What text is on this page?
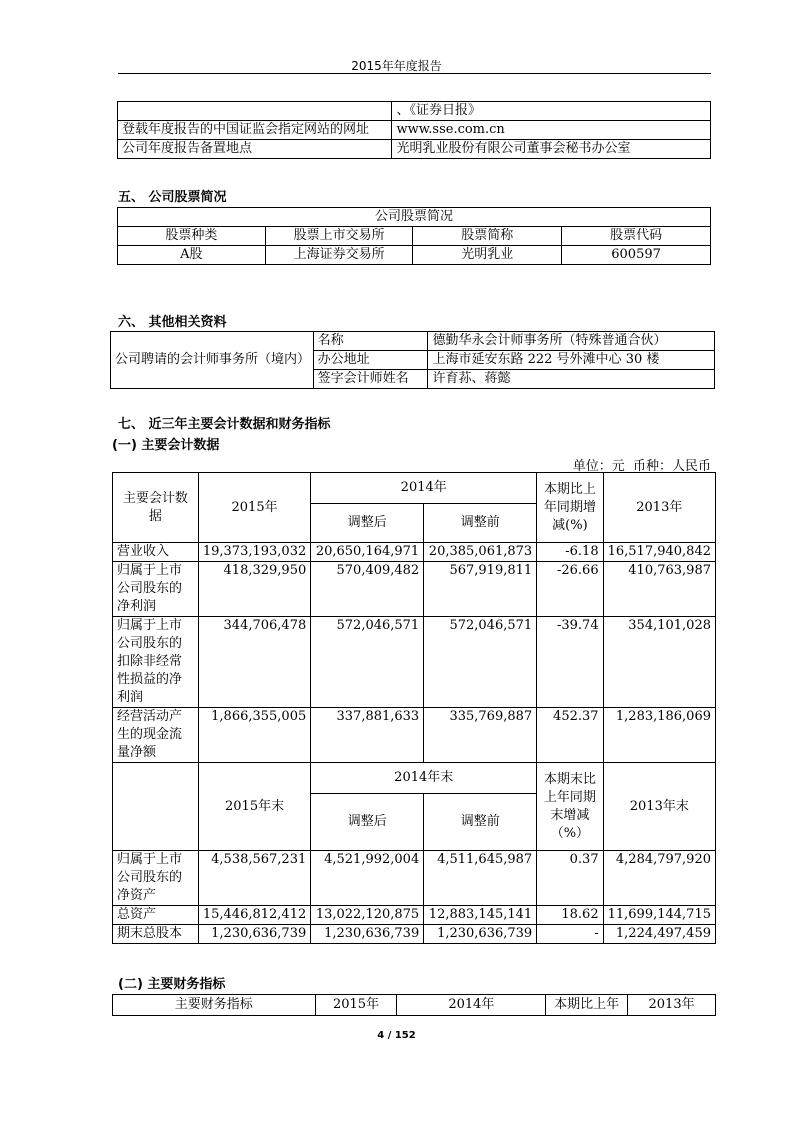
2015年年度报告
	、《证券日报》
登载年度报告的中国证监会指定网站的网址	www.sse.com.cn
公司年度报告备置地点	光明乳业股份有限公司董事会秘书办公室
五、 公司股票简况
公司股票简况			
股票种类	股票上市交易所	股票简称	股票代码
A股	上海证券交易所	光明乳业	600597
六、 其他相关资料
公司聘请的会计师事务所（境内）	名称	德勤华永会计师事务所（特殊普通合伙）
	办公地址	上海市延安东路 222 号外滩中心 30 楼
	签字会计师姓名	许育荪、蒋懿
七、 近三年主要会计数据和财务指标
(一) 主要会计数据
单位：元  币种：人民币
主要会计数据	2015年	2014年		本期比上年同期增减(%)	2013年
		调整后	调整前		
营业收入	19,373,193,032	20,650,164,971	20,385,061,873	-6.18	16,517,940,842
归属于上市公司股东的净利润	418,329,950	570,409,482	567,919,811	-26.66	410,763,987
归属于上市公司股东的扣除非经常性损益的净利润	344,706,478	572,046,571	572,046,571	-39.74	354,101,028
经营活动产生的现金流量净额	1,866,355,005	337,881,633	335,769,887	452.37	1,283,186,069
	2015年末	2014年末		本期末比上年同期末增减（%）	2013年末
		调整后	调整前		
归属于上市公司股东的净资产	4,538,567,231	4,521,992,004	4,511,645,987	0.37	4,284,797,920
总资产	15,446,812,412	13,022,120,875	12,883,145,141	18.62	11,699,144,715
期末总股本	1,230,636,739	1,230,636,739	1,230,636,739	-	1,224,497,459
(二) 主要财务指标
主要财务指标	2015年	2014年	本期比上年	2013年
4 / 152
